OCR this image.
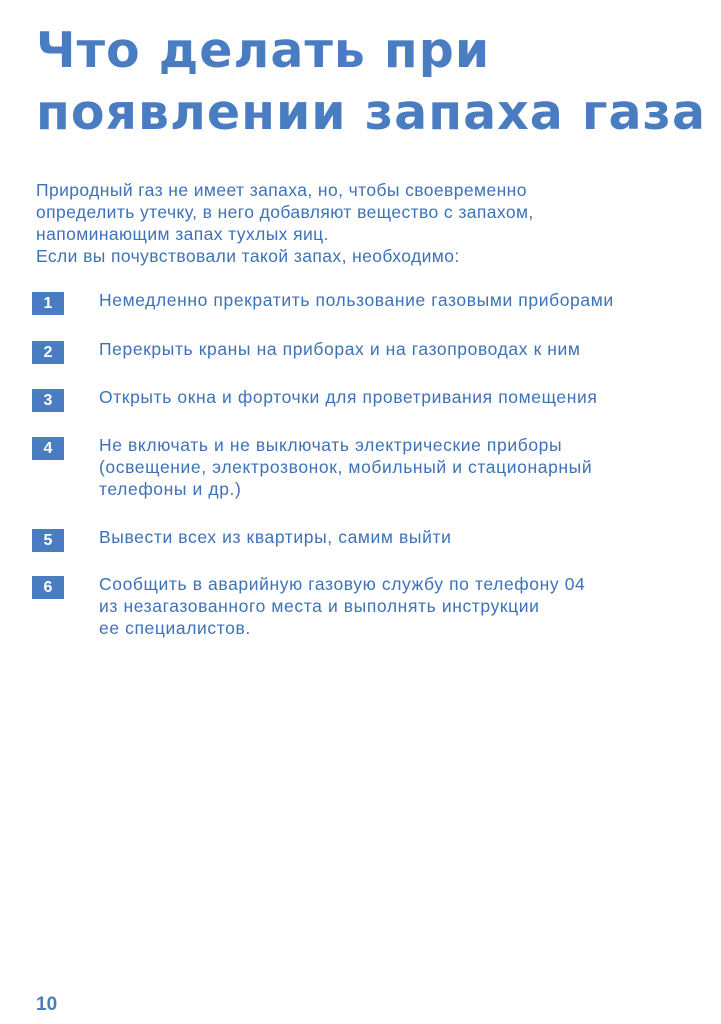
Что делать при
появлении запаха газа

Природный газ не имеет запаха, но, чтобы своевременно
определить утечку, в него добавляют вещество с запахом,
напоминающим запах тухлых яиц.
Если вы почувствовали такой запах, необходимо:

1	Немедленно прекратить пользование газовыми приборами
2	Перекрыть краны на приборах и на газопроводах к ним
3	Открыть окна и форточки для проветривания помещения
4	Не включать и не выключать электрические приборы
(освещение, электрозвонок, мобильный и стационарный
телефоны и др.)
5	Вывести всех из квартиры, самим выйти
6	Сообщить в аварийную газовую службу по телефону 04
из незагазованного места и выполнять инструкции
ее специалистов.
10
